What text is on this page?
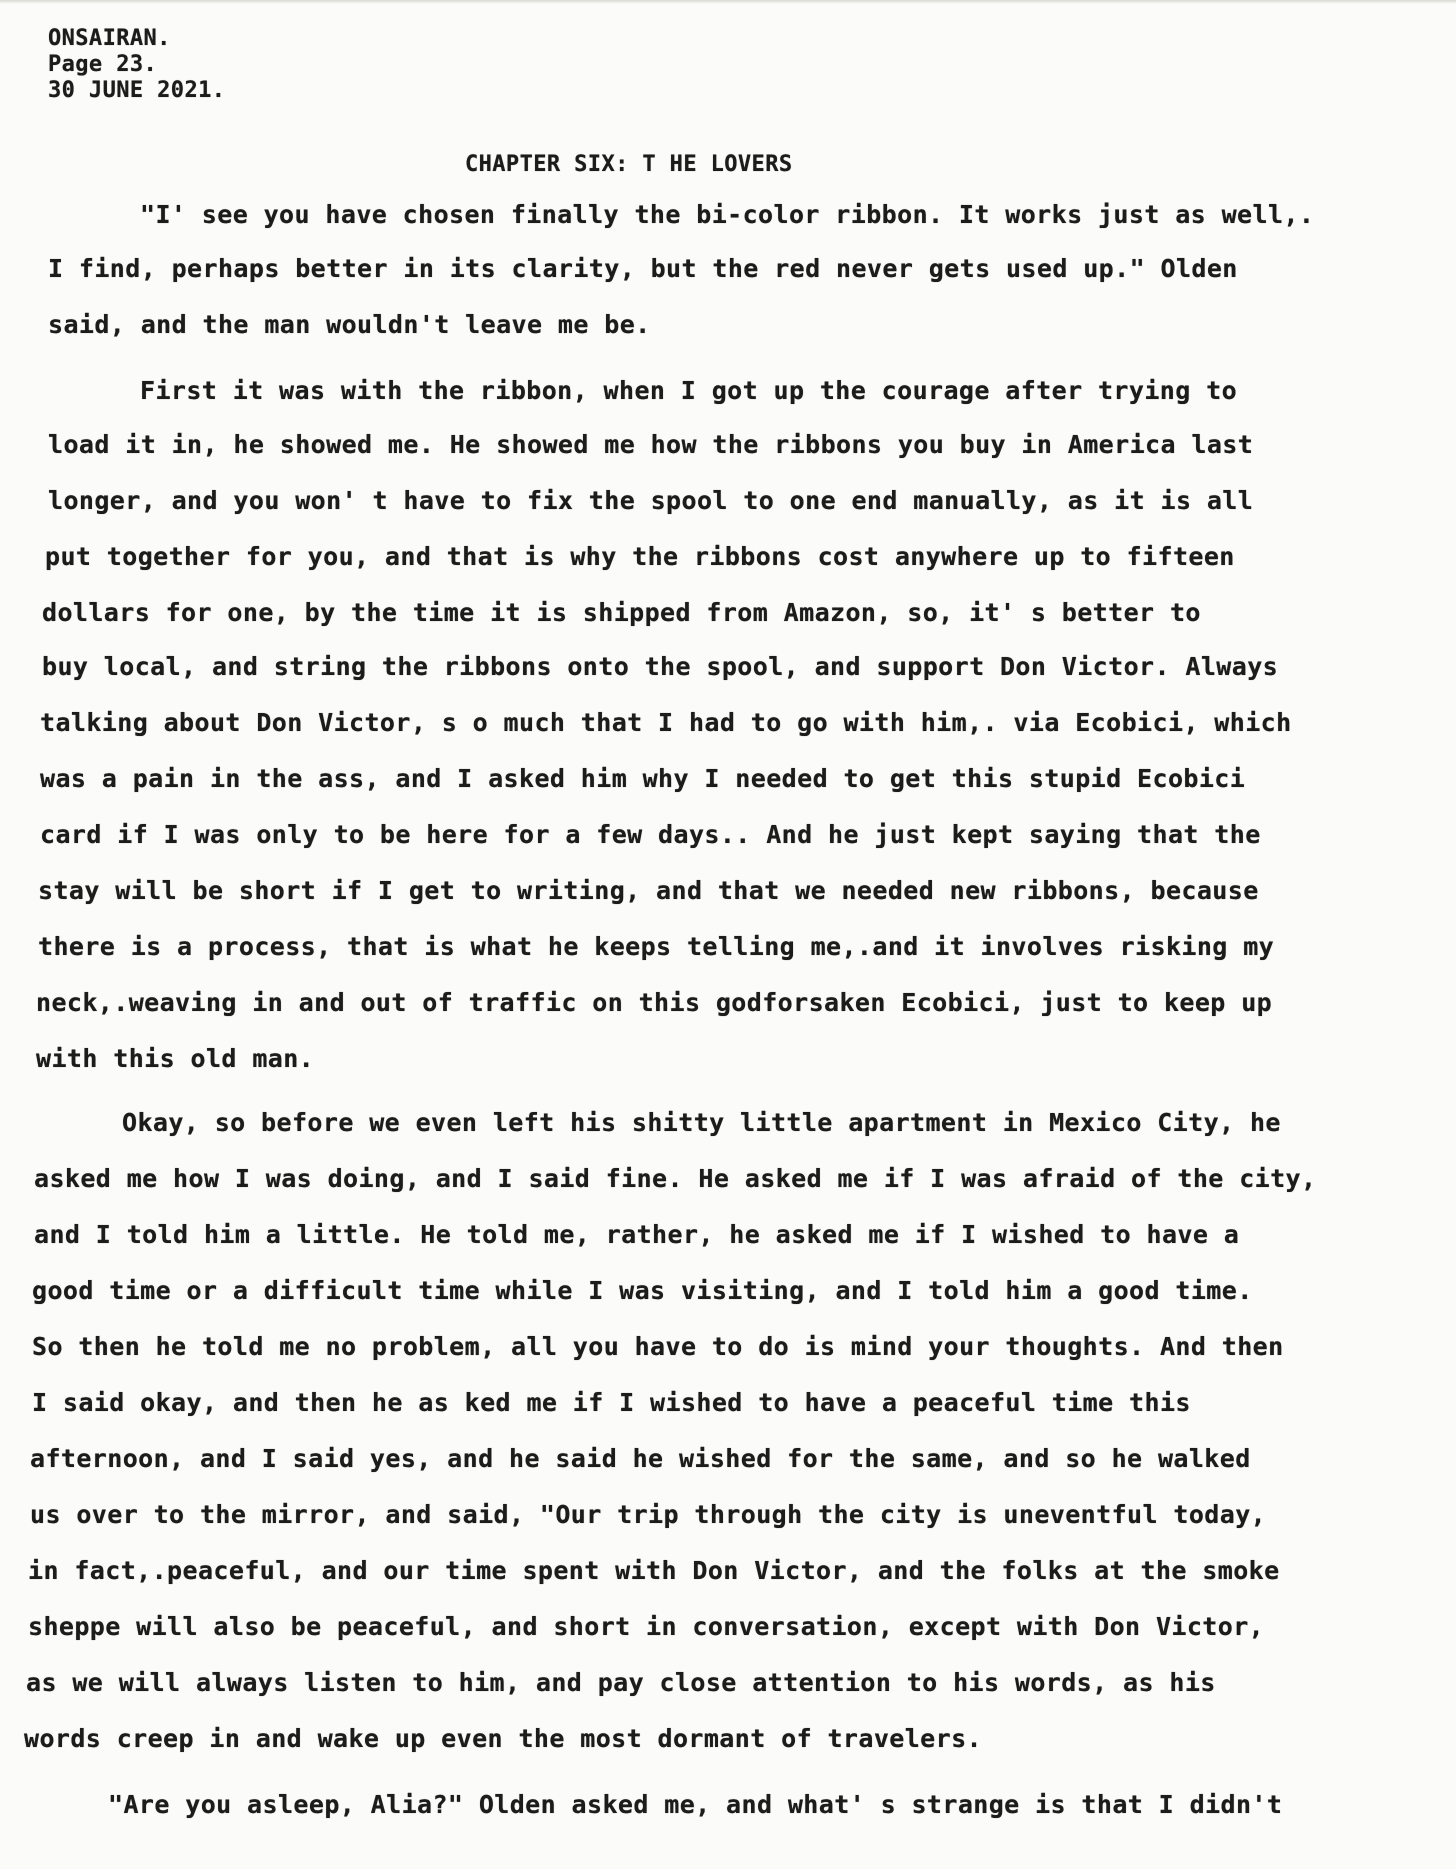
ONSAIRAN.
Page 23.
30 JUNE 2021.
CHAPTER SIX: T HE LOVERS
"I' see you have chosen finally the bi-color ribbon. It works just as well,.
I find, perhaps better in its clarity, but the red never gets used up." Olden
said, and the man wouldn't leave me be.
First it was with the ribbon, when I got up the courage after trying to
load it in, he showed me. He showed me how the ribbons you buy in America last
longer, and you won' t have to fix the spool to one end manually, as it is all
put together for you, and that is why the ribbons cost anywhere up to fifteen
dollars for one, by the time it is shipped from Amazon, so, it' s better to
buy local, and string the ribbons onto the spool, and support Don Victor. Always
talking about Don Victor, s o much that I had to go with him,. via Ecobici, which
was a pain in the ass, and I asked him why I needed to get this stupid Ecobici
card if I was only to be here for a few days.. And he just kept saying that the
stay will be short if I get to writing, and that we needed new ribbons, because
there is a process, that is what he keeps telling me,.and it involves risking my
neck,.weaving in and out of traffic on this godforsaken Ecobici, just to keep up
with this old man.
Okay, so before we even left his shitty little apartment in Mexico City, he
asked me how I was doing, and I said fine. He asked me if I was afraid of the city,
and I told him a little. He told me, rather, he asked me if I wished to have a
good time or a difficult time while I was visiting, and I told him a good time.
So then he told me no problem, all you have to do is mind your thoughts. And then
I said okay, and then he as ked me if I wished to have a peaceful time this
afternoon, and I said yes, and he said he wished for the same, and so he walked
us over to the mirror, and said, "Our trip through the city is uneventful today,
in fact,.peaceful, and our time spent with Don Victor, and the folks at the smoke
sheppe will also be peaceful, and short in conversation, except with Don Victor,
as we will always listen to him, and pay close attention to his words, as his
words creep in and wake up even the most dormant of travelers.
"Are you asleep, Alia?" Olden asked me, and what' s strange is that I didn't
